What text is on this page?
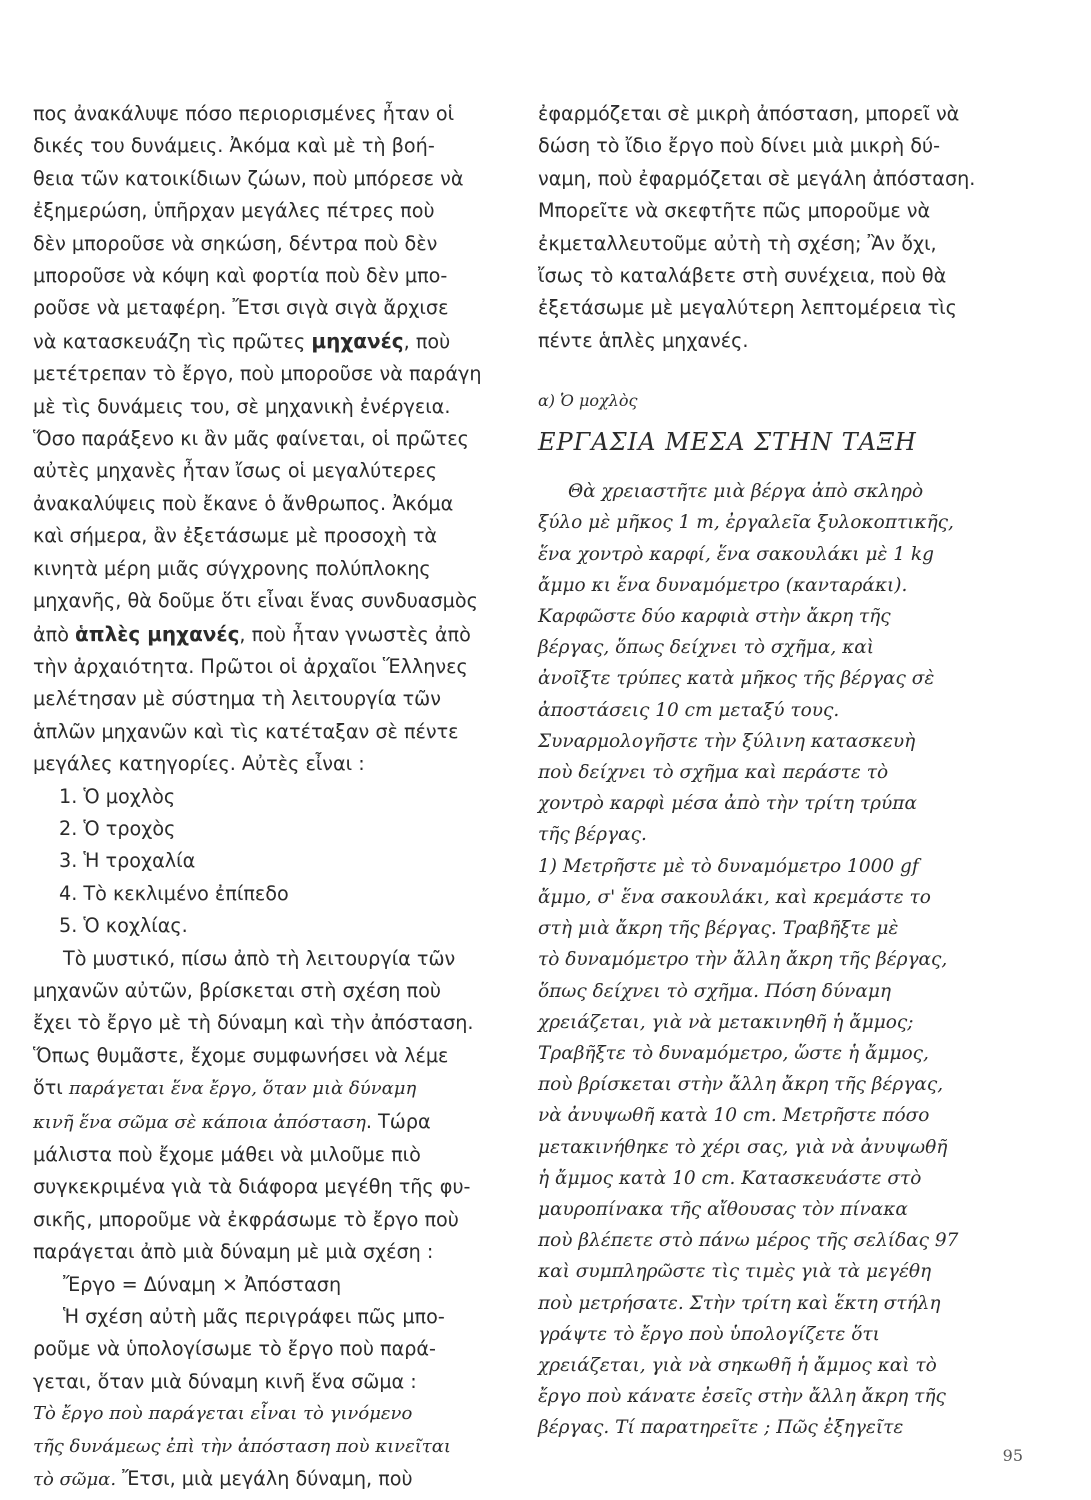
πος ἀνακάλυψε πόσο περιορισμένες ἦταν οἱ
δικές του δυνάμεις. Ἀκόμα καὶ μὲ τὴ βοή-
θεια τῶν κατοικίδιων ζώων, ποὺ μπόρεσε νὰ
ἐξημερώση, ὑπῆρχαν μεγάλες πέτρες ποὺ
δὲν μποροῦσε νὰ σηκώση, δέντρα ποὺ δὲν
μποροῦσε νὰ κόψη καὶ φορτία ποὺ δὲν μπο-
ροῦσε νὰ μεταφέρη. Ἔτσι σιγὰ σιγὰ ἄρχισε
νὰ κατασκευάζη τὶς πρῶτες μηχανές, ποὺ
μετέτρεπαν τὸ ἔργο, ποὺ μποροῦσε νὰ παράγη
μὲ τὶς δυνάμεις του, σὲ μηχανικὴ ἐνέργεια.
Ὅσο παράξενο κι ἂν μᾶς φαίνεται, οἱ πρῶτες
αὐτὲς μηχανὲς ἦταν ἴσως οἱ μεγαλύτερες
ἀνακαλύψεις ποὺ ἔκανε ὁ ἄνθρωπος. Ἀκόμα
καὶ σήμερα, ἂν ἐξετάσωμε μὲ προσοχὴ τὰ
κινητὰ μέρη μιᾶς σύγχρονης πολύπλοκης
μηχανῆς, θὰ δοῦμε ὅτι εἶναι ἕνας συνδυασμὸς
ἀπὸ ἁπλὲς μηχανές, ποὺ ἦταν γνωστὲς ἀπὸ
τὴν ἀρχαιότητα. Πρῶτοι οἱ ἀρχαῖοι Ἕλληνες
μελέτησαν μὲ σύστημα τὴ λειτουργία τῶν
ἁπλῶν μηχανῶν καὶ τὶς κατέταξαν σὲ πέντε
μεγάλες κατηγορίες. Αὐτὲς εἶναι :
1. Ὁ μοχλὸς
2. Ὁ τροχὸς
3. Ἡ τροχαλία
4. Τὸ κεκλιμένο ἐπίπεδο
5. Ὁ κοχλίας.
Τὸ μυστικό, πίσω ἀπὸ τὴ λειτουργία τῶν
μηχανῶν αὐτῶν, βρίσκεται στὴ σχέση ποὺ
ἔχει τὸ ἔργο μὲ τὴ δύναμη καὶ τὴν ἀπόσταση.
Ὅπως θυμᾶστε, ἔχομε συμφωνήσει νὰ λέμε
ὅτι παράγεται ἕνα ἔργο, ὅταν μιὰ δύναμη
κινῆ ἕνα σῶμα σὲ κάποια ἀπόσταση. Τώρα
μάλιστα ποὺ ἔχομε μάθει νὰ μιλοῦμε πιὸ
συγκεκριμένα γιὰ τὰ διάφορα μεγέθη τῆς φυ-
σικῆς, μποροῦμε νὰ ἐκφράσωμε τὸ ἔργο ποὺ
παράγεται ἀπὸ μιὰ δύναμη μὲ μιὰ σχέση :
Ἔργο = Δύναμη × Ἀπόσταση
Ἡ σχέση αὐτὴ μᾶς περιγράφει πῶς μπο-
ροῦμε νὰ ὑπολογίσωμε τὸ ἔργο ποὺ παρά-
γεται, ὅταν μιὰ δύναμη κινῆ ἕνα σῶμα :
Τὸ ἔργο ποὺ παράγεται εἶναι τὸ γινόμενο
τῆς δυνάμεως ἐπὶ τὴν ἀπόσταση ποὺ κινεῖται
τὸ σῶμα. Ἔτσι, μιὰ μεγάλη δύναμη, ποὺ
ἐφαρμόζεται σὲ μικρὴ ἀπόσταση, μπορεῖ νὰ
δώση τὸ ἴδιο ἔργο ποὺ δίνει μιὰ μικρὴ δύ-
ναμη, ποὺ ἐφαρμόζεται σὲ μεγάλη ἀπόσταση.
Μπορεῖτε νὰ σκεφτῆτε πῶς μποροῦμε νὰ
ἐκμεταλλευτοῦμε αὐτὴ τὴ σχέση; Ἂν ὄχι,
ἴσως τὸ καταλάβετε στὴ συνέχεια, ποὺ θὰ
ἐξετάσωμε μὲ μεγαλύτερη λεπτομέρεια τὶς
πέντε ἁπλὲς μηχανές.
α) Ὁ μοχλὸς
ΕΡΓΑΣΙΑ ΜΕΣΑ ΣΤΗΝ ΤΑΞΗ
Θὰ χρειαστῆτε μιὰ βέργα ἀπὸ σκληρὸ
ξύλο μὲ μῆκος 1 m, ἐργαλεῖα ξυλοκοπτικῆς,
ἕνα χοντρὸ καρφί, ἕνα σακουλάκι μὲ 1 kg
ἄμμο κι ἕνα δυναμόμετρο (κανταράκι).
Καρφῶστε δύο καρφιὰ στὴν ἄκρη τῆς
βέργας, ὅπως δείχνει τὸ σχῆμα, καὶ
ἀνοῖξτε τρύπες κατὰ μῆκος τῆς βέργας σὲ
ἀποστάσεις 10 cm μεταξύ τους.
Συναρμολογῆστε τὴν ξύλινη κατασκευὴ
ποὺ δείχνει τὸ σχῆμα καὶ περάστε τὸ
χοντρὸ καρφὶ μέσα ἀπὸ τὴν τρίτη τρύπα
τῆς βέργας.
1) Μετρῆστε μὲ τὸ δυναμόμετρο 1000 gf
ἄμμο, σ' ἕνα σακουλάκι, καὶ κρεμάστε το
στὴ μιὰ ἄκρη τῆς βέργας. Τραβῆξτε μὲ
τὸ δυναμόμετρο τὴν ἄλλη ἄκρη τῆς βέργας,
ὅπως δείχνει τὸ σχῆμα. Πόση δύναμη
χρειάζεται, γιὰ νὰ μετακινηθῆ ἡ ἄμμος;
Τραβῆξτε τὸ δυναμόμετρο, ὥστε ἡ ἄμμος,
ποὺ βρίσκεται στὴν ἄλλη ἄκρη τῆς βέργας,
νὰ ἀνυψωθῆ κατὰ 10 cm. Μετρῆστε πόσο
μετακινήθηκε τὸ χέρι σας, γιὰ νὰ ἀνυψωθῆ
ἡ ἄμμος κατὰ 10 cm. Κατασκευάστε στὸ
μαυροπίνακα τῆς αἴθουσας τὸν πίνακα
ποὺ βλέπετε στὸ πάνω μέρος τῆς σελίδας 97
καὶ συμπληρῶστε τὶς τιμὲς γιὰ τὰ μεγέθη
ποὺ μετρήσατε. Στὴν τρίτη καὶ ἕκτη στήλη
γράψτε τὸ ἔργο ποὺ ὑπολογίζετε ὅτι
χρειάζεται, γιὰ νὰ σηκωθῆ ἡ ἄμμος καὶ τὸ
ἔργο ποὺ κάνατε ἐσεῖς στὴν ἄλλη ἄκρη τῆς
βέργας. Τί παρατηρεῖτε ; Πῶς ἐξηγεῖτε
95
